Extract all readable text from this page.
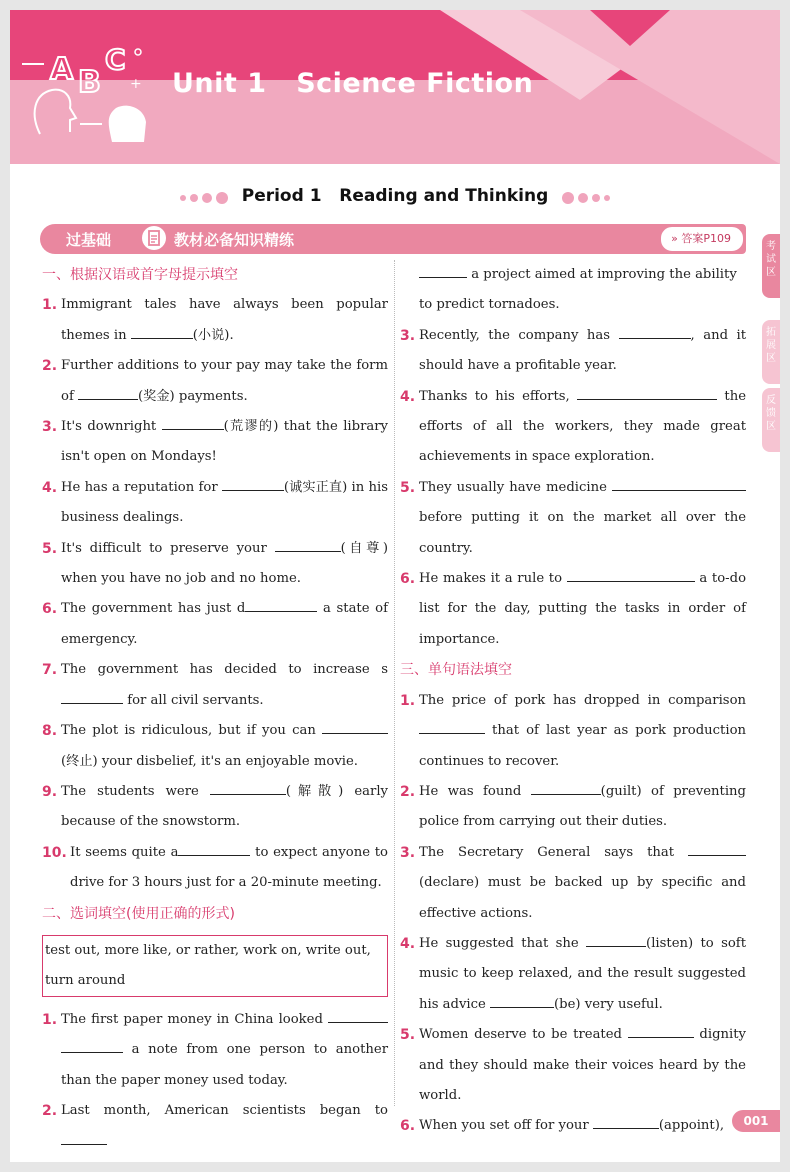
A B
C
+ Unit 1   Science Fiction
Period 1   Reading and Thinking
过基础	教材必备知识精练	» 答案P109
考试区
拓展区
反馈区
一、根据汉语或首字母提示填空
1. Immigrant tales have always been popular themes in	(小说).
2. Further additions to your pay may take the form of	(奖金) payments.
3. It's downright	(荒谬的) that the library isn't open on Mondays!
4. He has a reputation for	(诚实正直) in his business dealings.
5. It's difficult to preserve your	(自尊) when you have no job and no home.
6. The government has just d	a state of emergency.
7. The government has decided to increase s for all civil servants.
8. The plot is ridiculous, but if you can (终止) your disbelief, it's an enjoyable movie.
9. The students were	(解散) early because of the snowstorm.
10. It seems quite a	to expect anyone to drive for 3 hours just for a 20-minute meeting.
二、选词填空(使用正确的形式)
test out, more like, or rather, work on, write out, turn around
1. The first paper money in China looked   a note from one person to another than the paper money used today.
2. Last month, American scientists began to
a project aimed at improving the ability to predict tornadoes.
3. Recently, the company has	, and it should have a profitable year.
4. Thanks to his efforts,	the efforts of all the workers, they made great achievements in space exploration.
5. They usually have medicine  before putting it on the market all over the country.
6. He makes it a rule to	a to-do list for the day, putting the tasks in order of importance.
三、单句语法填空
1. The price of pork has dropped in comparison  that of last year as pork production continues to recover.
2. He was found	(guilt) of preventing police from carrying out their duties.
3. The Secretary General says that (declare) must be backed up by specific and effective actions.
4. He suggested that she	(listen) to soft music to keep relaxed, and the result suggested his advice	(be) very useful.
5. Women deserve to be treated	dignity and they should make their voices heard by the world.
6. When you set off for your	(appoint),	001
